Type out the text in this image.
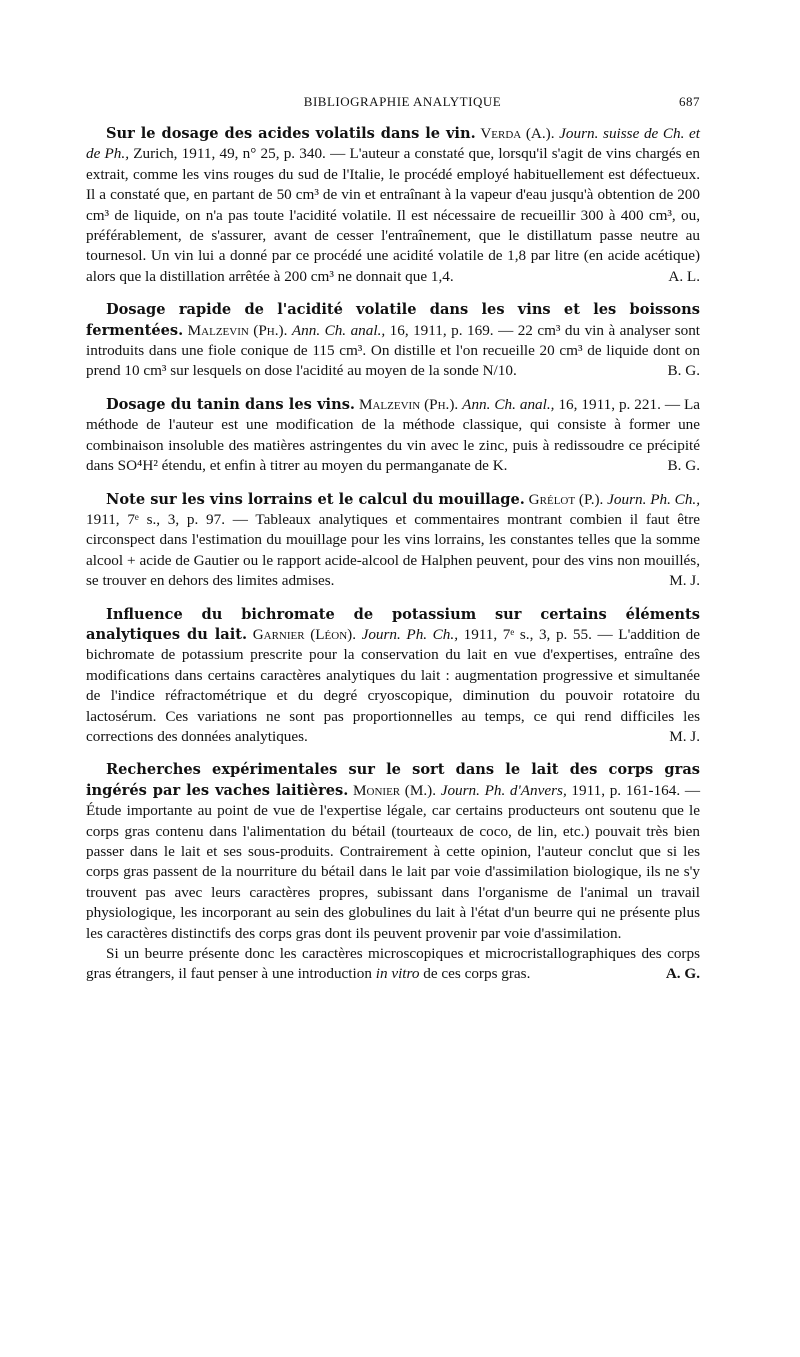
BIBLIOGRAPHIE ANALYTIQUE	687

Sur le dosage des acides volatils dans le vin. Verda (A.). Journ. suisse de Ch. et de Ph., Zurich, 1911, 49, n° 25, p. 340. — L'auteur a constaté que, lorsqu'il s'agit de vins chargés en extrait, comme les vins rouges du sud de l'Italie, le procédé employé habituellement est défectueux. Il a constaté que, en partant de 50 cm³ de vin et entraînant à la vapeur d'eau jusqu'à obtention de 200 cm³ de liquide, on n'a pas toute l'acidité volatile. Il est nécessaire de recueillir 300 à 400 cm³, ou, préférablement, de s'assurer, avant de cesser l'entraînement, que le distillatum passe neutre au tournesol. Un vin lui a donné par ce procédé une acidité volatile de 1,8 par litre (en acide acétique) alors que la distillation arrêtée à 200 cm³ ne donnait que 1,4.	A. L.

Dosage rapide de l'acidité volatile dans les vins et les boissons fermentées. Malzevin (Ph.). Ann. Ch. anal., 16, 1911, p. 169. — 22 cm³ du vin à analyser sont introduits dans une fiole conique de 115 cm³. On distille et l'on recueille 20 cm³ de liquide dont on prend 10 cm³ sur lesquels on dose l'acidité au moyen de la sonde N/10.	B. G.

Dosage du tanin dans les vins. Malzevin (Ph.). Ann. Ch. anal., 16, 1911, p. 221. — La méthode de l'auteur est une modification de la méthode classique, qui consiste à former une combinaison insoluble des matières astringentes du vin avec le zinc, puis à redissoudre ce précipité dans SO⁴H² étendu, et enfin à titrer au moyen du permanganate de K.	B. G.

Note sur les vins lorrains et le calcul du mouillage. Grélot (P.). Journ. Ph. Ch., 1911, 7ᵉ s., 3, p. 97. — Tableaux analytiques et commentaires montrant combien il faut être circonspect dans l'estimation du mouillage pour les vins lorrains, les constantes telles que la somme alcool + acide de Gautier ou le rapport acide-alcool de Halphen peuvent, pour des vins non mouillés, se trouver en dehors des limites admises.	M. J.

Influence du bichromate de potassium sur certains éléments analytiques du lait. Garnier (Léon). Journ. Ph. Ch., 1911, 7ᵉ s., 3, p. 55. — L'addition de bichromate de potassium prescrite pour la conservation du lait en vue d'expertises, entraîne des modifications dans certains caractères analytiques du lait : augmentation progressive et simultanée de l'indice réfractométrique et du degré cryoscopique, diminution du pouvoir rotatoire du lactosérum. Ces variations ne sont pas proportionnelles au temps, ce qui rend difficiles les corrections des données analytiques.	M. J.

Recherches expérimentales sur le sort dans le lait des corps gras ingérés par les vaches laitières. Monier (M.). Journ. Ph. d'Anvers, 1911, p. 161-164. — Étude importante au point de vue de l'expertise légale, car certains producteurs ont soutenu que le corps gras contenu dans l'alimentation du bétail (tourteaux de coco, de lin, etc.) pouvait très bien passer dans le lait et ses sous-produits. Contrairement à cette opinion, l'auteur conclut que si les corps gras passent de la nourriture du bétail dans le lait par voie d'assimilation biologique, ils ne s'y trouvent pas avec leurs caractères propres, subissant dans l'organisme de l'animal un travail physiologique, les incorporant au sein des globulines du lait à l'état d'un beurre qui ne présente plus les caractères distinctifs des corps gras dont ils peuvent provenir par voie d'assimilation.

Si un beurre présente donc les caractères microscopiques et microcristallographiques des corps gras étrangers, il faut penser à une introduction in vitro de ces corps gras.	A. G.
